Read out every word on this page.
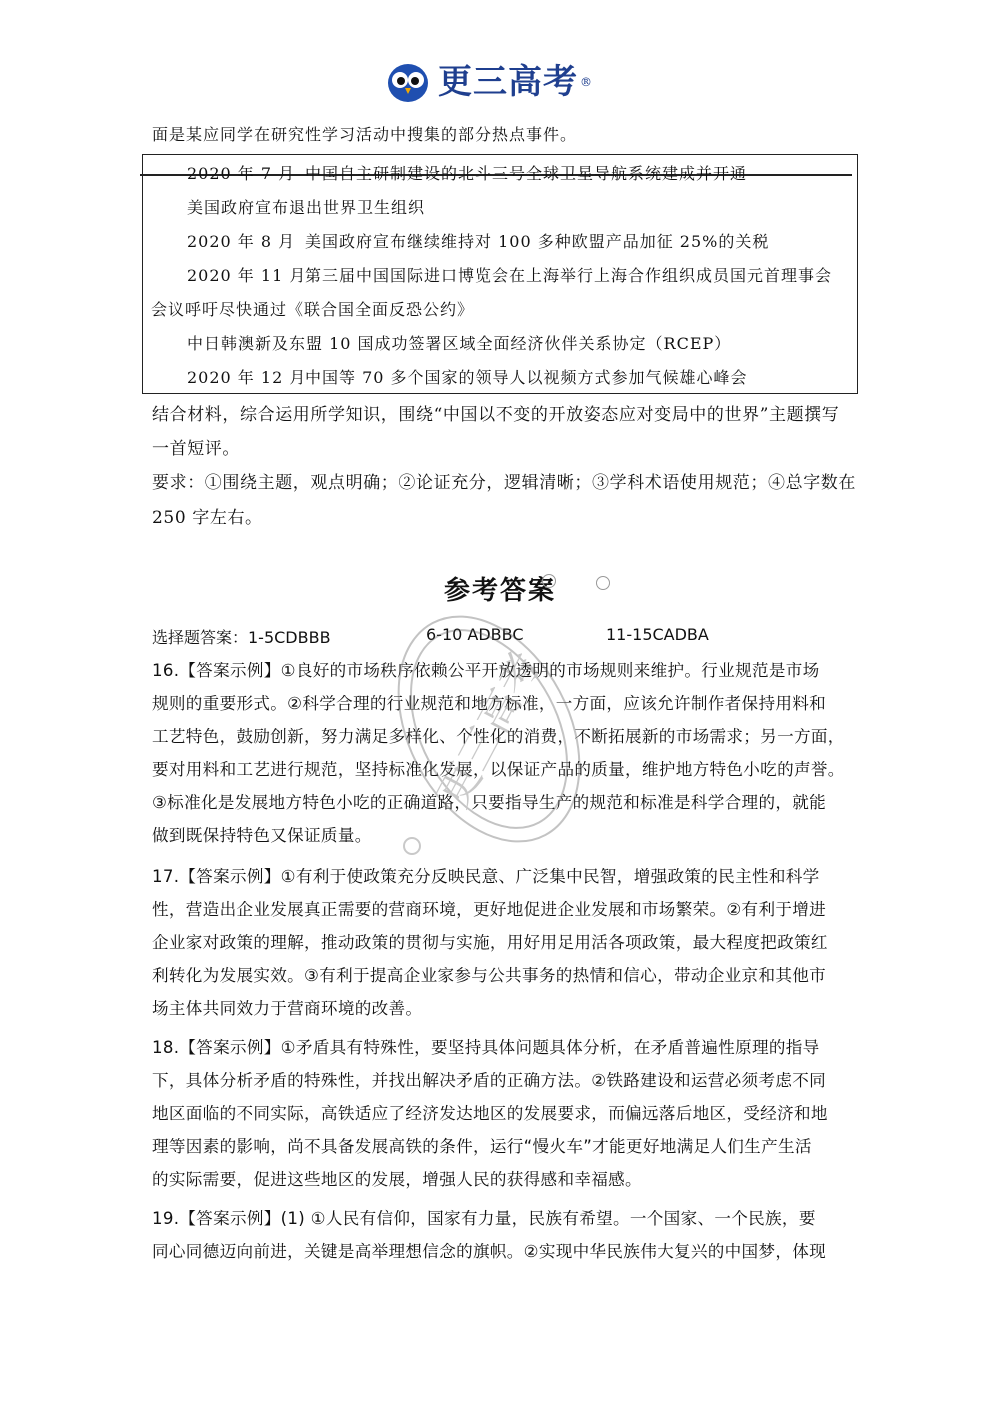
更三高考 ®
面是某应同学在研究性学习活动中搜集的部分热点事件。
2020 年 7 月 中国自主研制建设的北斗三号全球卫星导航系统建成并开通
美国政府宣布退出世界卫生组织
2020 年 8 月 美国政府宣布继续维持对 100 多种欧盟产品加征 25%的关税
2020 年 11 月第三届中国国际进口博览会在上海举行上海合作组织成员国元首理事会
会议呼吁尽快通过《联合国全面反恐公约》
中日韩澳新及东盟 10 国成功签署区域全面经济伙伴关系协定（RCEP）
2020 年 12 月中国等 70 多个国家的领导人以视频方式参加气候雄心峰会
结合材料，综合运用所学知识，围绕“中国以不变的开放姿态应对变局中的世界”主题撰写
一首短评。
要求：①围绕主题，观点明确；②论证充分，逻辑清晰；③学科术语使用规范；④总字数在
250 字左右。
参考答案
选择题答案：1-5CDBBB	6-10 ADBBC	11-15CADBA
16.【答案示例】①良好的市场秩序依赖公平开放透明的市场规则来维护。行业规范是市场
规则的重要形式。②科学合理的行业规范和地方标准，一方面，应该允许制作者保持用料和
工艺特色，鼓励创新，努力满足多样化、个性化的消费，不断拓展新的市场需求；另一方面，
要对用料和工艺进行规范，坚持标准化发展，以保证产品的质量，维护地方特色小吃的声誉。
③标准化是发展地方特色小吃的正确道路，只要指导生产的规范和标准是科学合理的，就能
做到既保持特色又保证质量。
17.【答案示例】①有利于使政策充分反映民意、广泛集中民智，增强政策的民主性和科学
性，营造出企业发展真正需要的营商环境，更好地促进企业发展和市场繁荣。②有利于增进
企业家对政策的理解，推动政策的贯彻与实施，用好用足用活各项政策，最大程度把政策红
利转化为发展实效。③有利于提高企业家参与公共事务的热情和信心，带动企业京和其他市
场主体共同效力于营商环境的改善。
18.【答案示例】①矛盾具有特殊性，要坚持具体问题具体分析，在矛盾普遍性原理的指导
下，具体分析矛盾的特殊性，并找出解决矛盾的正确方法。②铁路建设和运营必须考虑不同
地区面临的不同实际，高铁适应了经济发达地区的发展要求，而偏远落后地区，受经济和地
理等因素的影响，尚不具备发展高铁的条件，运行“慢火车”才能更好地满足人们生产生活
的实际需要，促进这些地区的发展，增强人民的获得感和幸福感。
19.【答案示例】(1) ①人民有信仰，国家有力量，民族有希望。一个国家、一个民族，要
同心同德迈向前进，关键是高举理想信念的旗帜。②实现中华民族伟大复兴的中国梦，体现
更三高考
